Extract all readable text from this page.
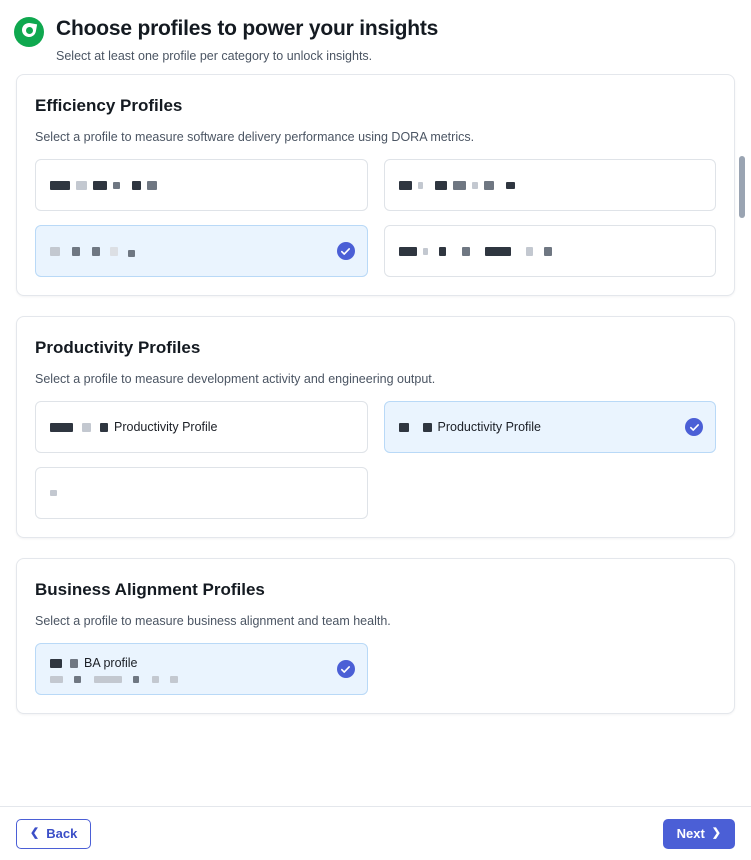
Choose profiles to power your insights
Select at least one profile per category to unlock insights.
Efficiency Profiles
Select a profile to measure software delivery performance using DORA metrics.
Productivity Profiles
Select a profile to measure development activity and engineering output.
Productivity Profile	Productivity Profile
Business Alignment Profiles
Select a profile to measure business alignment and team health.
BA profile
❮ Back	Next ❯
